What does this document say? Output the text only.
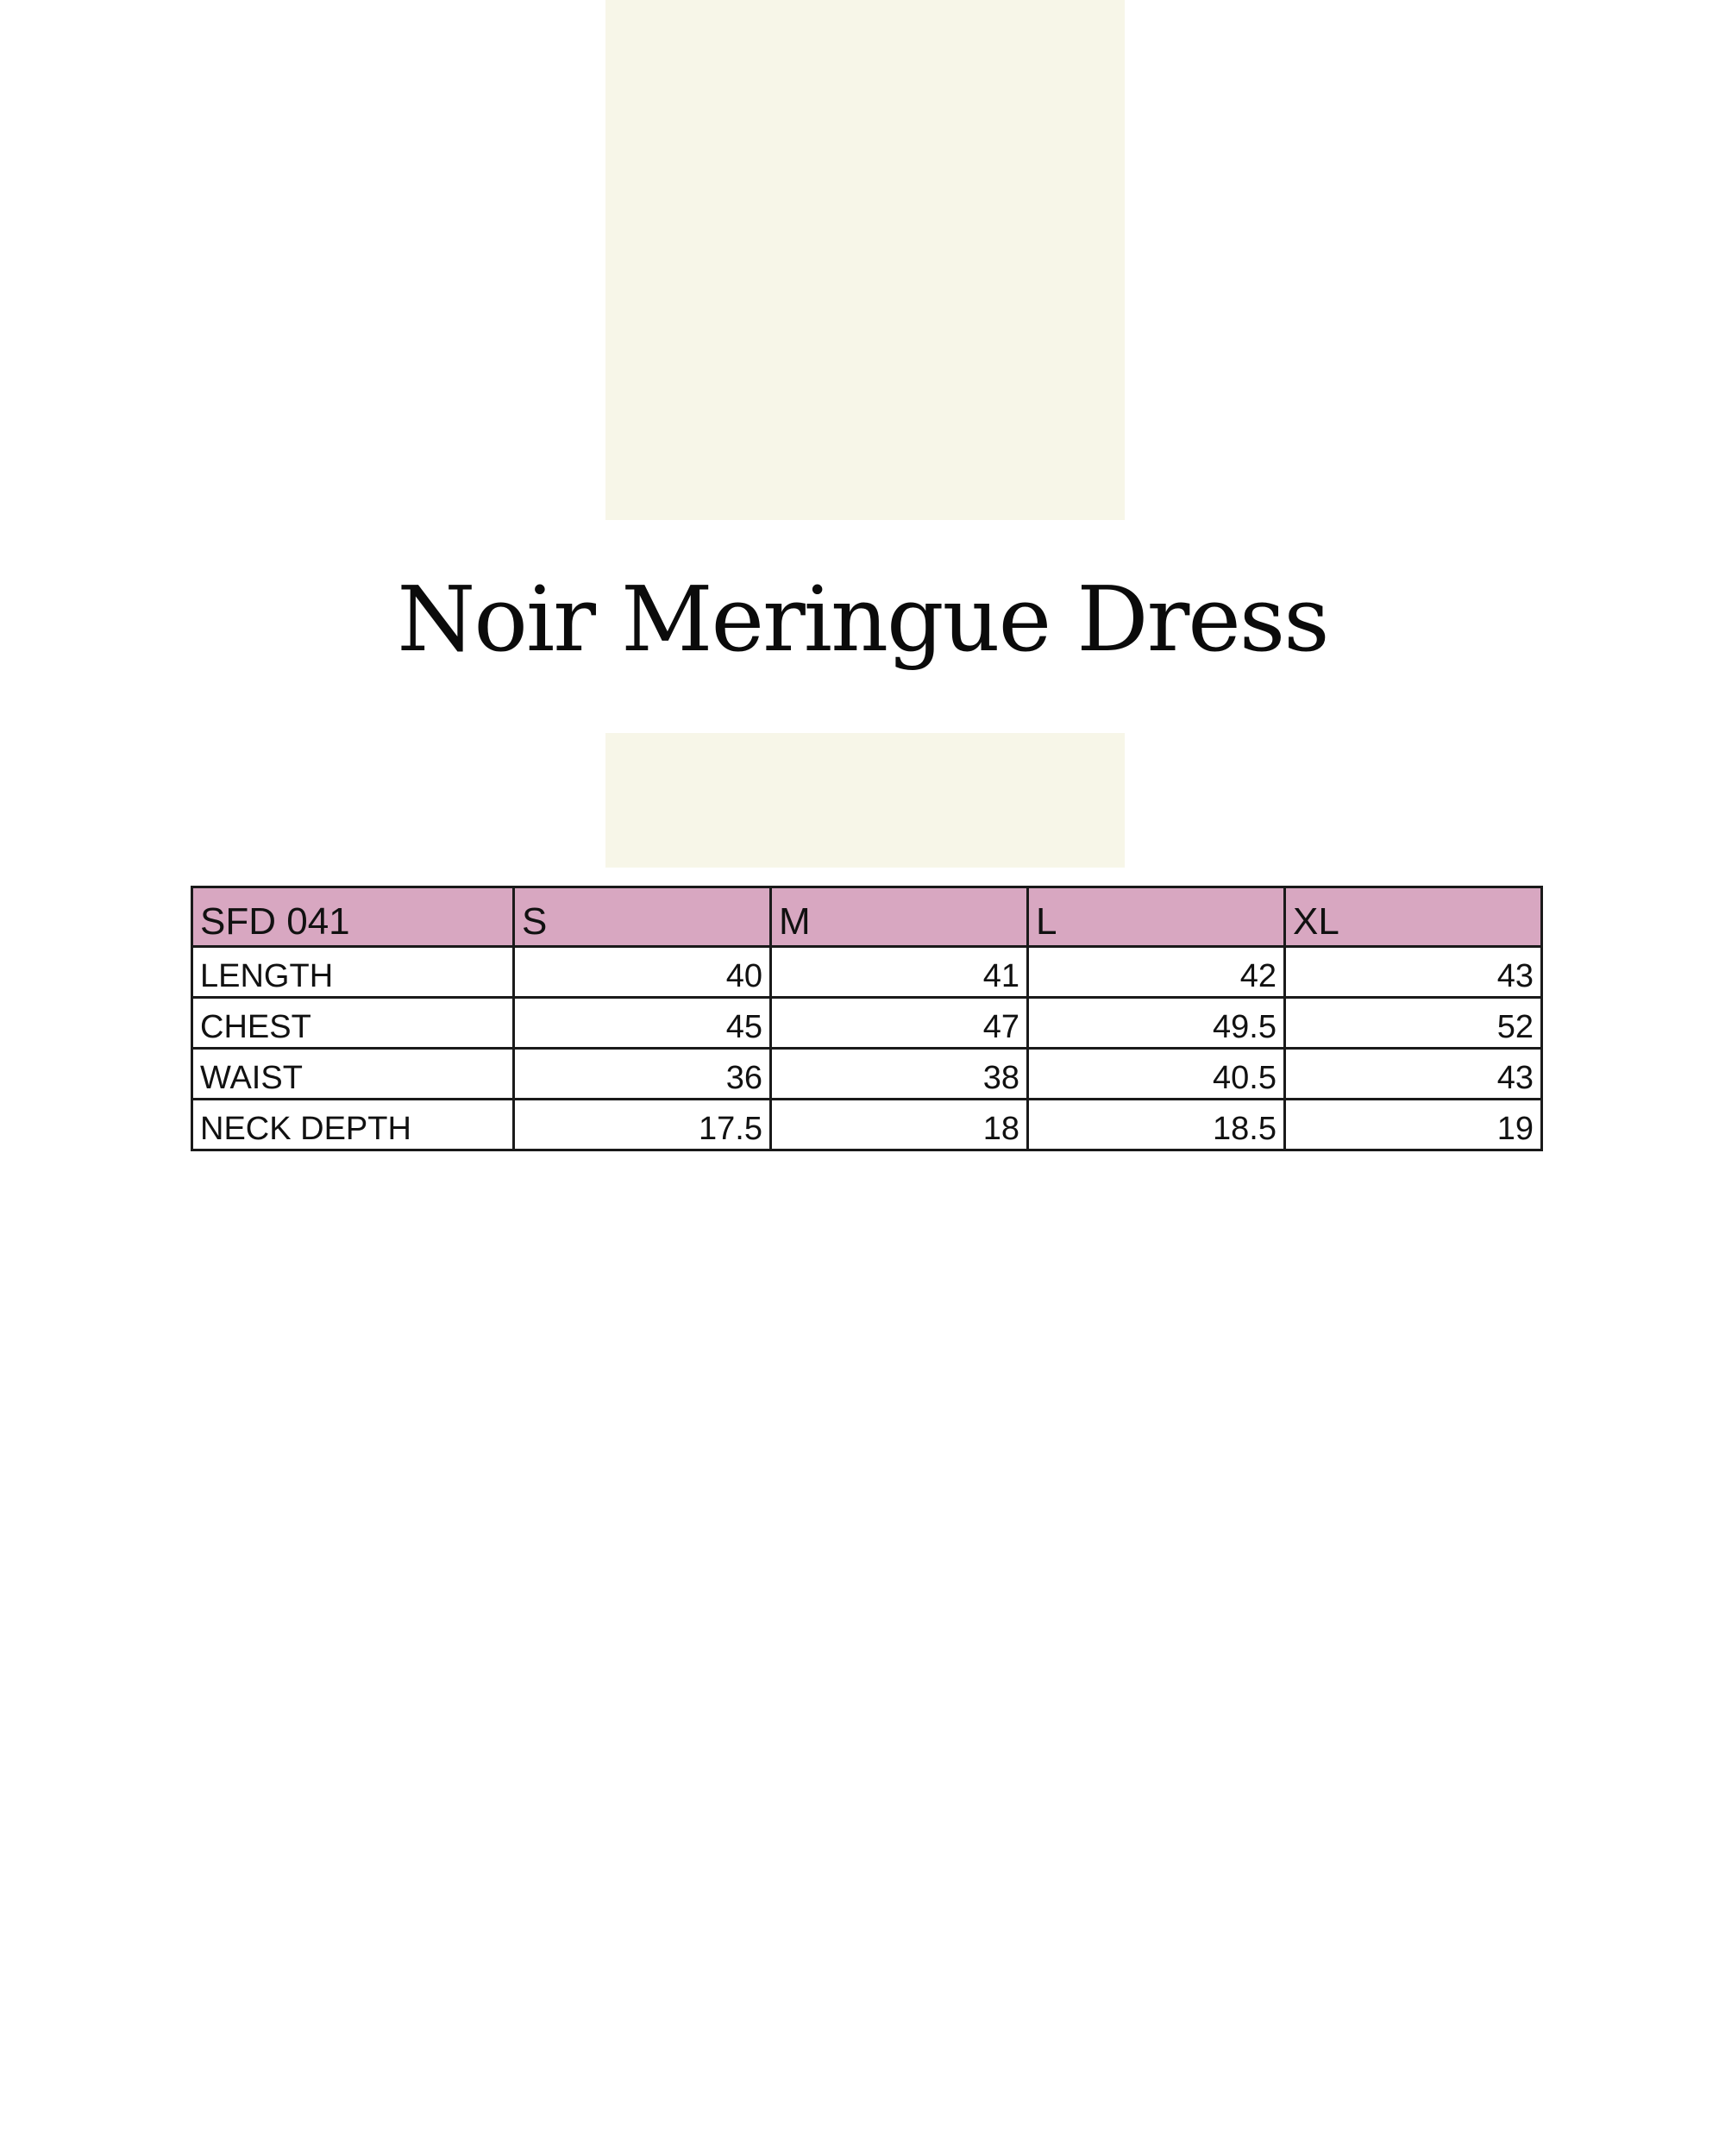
Noir Meringue Dress
SFD 041	S	M	L	XL
LENGTH	40	41	42	43
CHEST	45	47	49.5	52
WAIST	36	38	40.5	43
NECK DEPTH	17.5	18	18.5	19
